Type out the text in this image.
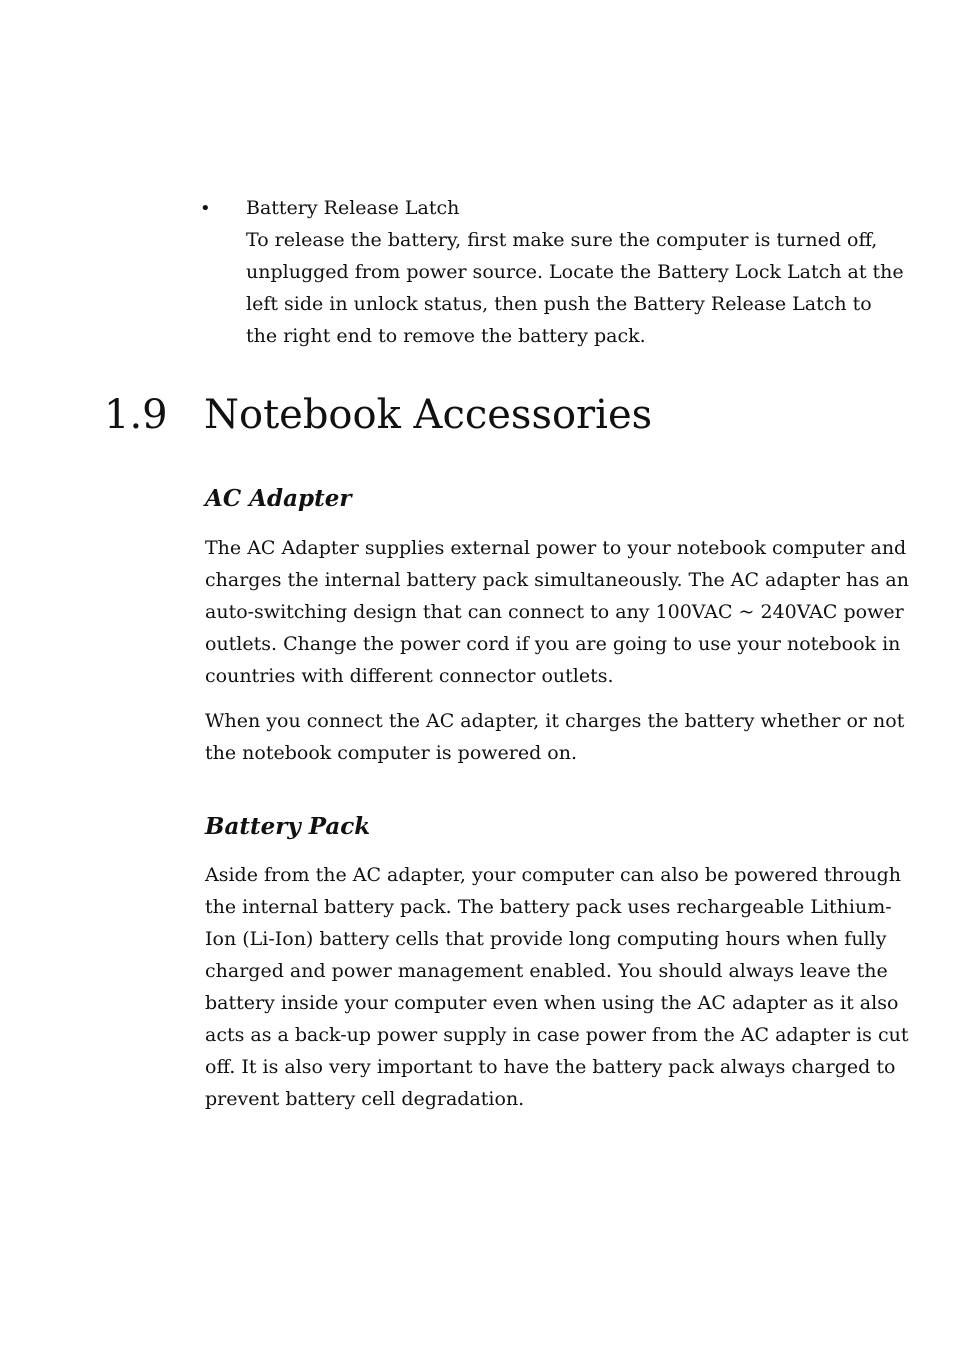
•	Battery Release Latch
To release the battery, first make sure the computer is turned off, unplugged from power source. Locate the Battery Lock Latch at the left side in unlock status, then push the Battery Release Latch to the right end to remove the battery pack.
1.9 Notebook Accessories
AC Adapter

The AC Adapter supplies external power to your notebook computer and charges the internal battery pack simultaneously. The AC adapter has an auto-switching design that can connect to any 100VAC ~ 240VAC power outlets. Change the power cord if you are going to use your notebook in countries with different connector outlets.

When you connect the AC adapter, it charges the battery whether or not the notebook computer is powered on.

Battery Pack

Aside from the AC adapter, your computer can also be powered through the internal battery pack. The battery pack uses rechargeable Lithium-Ion (Li-Ion) battery cells that provide long computing hours when fully charged and power management enabled. You should always leave the battery inside your computer even when using the AC adapter as it also acts as a back-up power supply in case power from the AC adapter is cut off. It is also very important to have the battery pack always charged to prevent battery cell degradation.
